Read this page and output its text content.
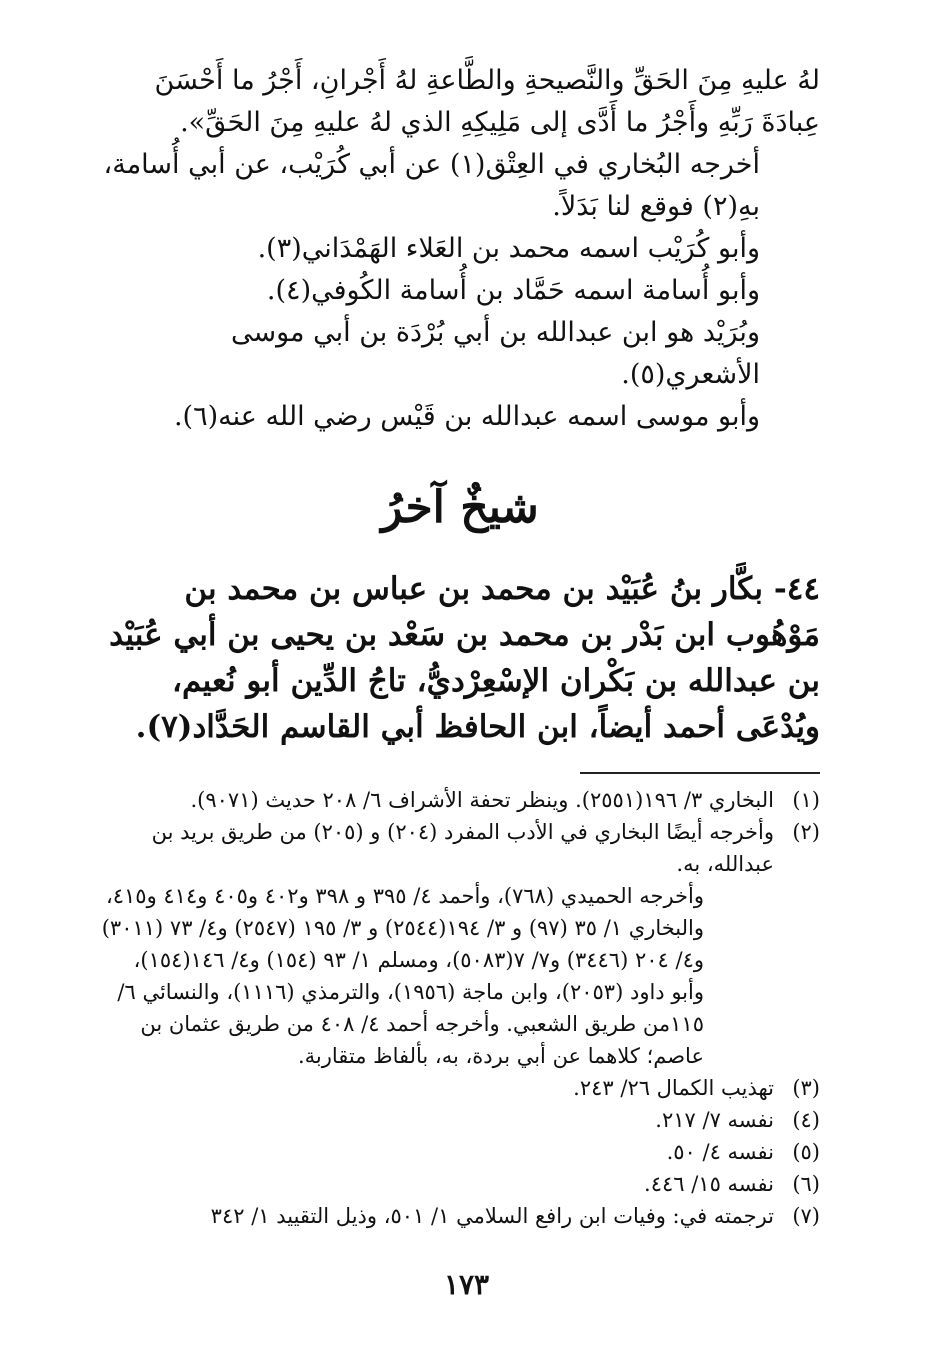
لهُ عليهِ مِنَ الحَقِّ والنَّصيحةِ والطَّاعةِ لهُ أَجْرانِ، أَجْرُ ما أَحْسَنَ عِبادَةَ رَبِّهِ وأَجْرُ ما أَدَّى إلى مَلِيكِهِ الذي لهُ عليهِ مِنَ الحَقِّ».

أخرجه البُخاري في العِتْق(١) عن أبي كُرَيْب، عن أبي أُسامة، بهِ(٢) فوقع لنا بَدَلاً.

وأبو كُرَيْب اسمه محمد بن العَلاء الهَمْدَاني(٣).

وأبو أُسامة اسمه حَمَّاد بن أُسامة الكُوفي(٤).

وبُرَيْد هو ابن عبدالله بن أبي بُرْدَة بن أبي موسى الأشعري(٥).

وأبو موسى اسمه عبدالله بن قَيْس رضي الله عنه(٦).

شيخٌ آخرُ

٤٤- بكَّار بنُ عُبَيْد بن محمد بن عباس بن محمد بن مَوْهُوب ابن بَدْر بن محمد بن سَعْد بن يحيى بن أبي عُبَيْد بن عبدالله بن بَكْران الإسْعِرْديُّ، تاجُ الدِّين أبو نُعيم، ويُدْعَى أحمد أيضاً، ابن الحافظ أبي القاسم الحَدَّاد(٧).

(١)
البخاري ٣/ ١٩٦(٢٥٥١). وينظر تحفة الأشراف ٦/ ٢٠٨ حديث (٩٠٧١).
(٢)
وأخرجه أيضًا البخاري في الأدب المفرد (٢٠٤) و (٢٠٥) من طريق بريد بن عبدالله، به.
وأخرجه الحميدي (٧٦٨)، وأحمد ٤/ ٣٩٥ و ٣٩٨ و٤٠٢ و٤٠٥ و٤١٤ و٤١٥، والبخاري ١/ ٣٥ (٩٧) و ٣/ ١٩٤(٢٥٤٤) و ٣/ ١٩٥ (٢٥٤٧) و٤/ ٧٣ (٣٠١١) و٤/ ٢٠٤ (٣٤٤٦) و٧/ ٧(٥٠٨٣)، ومسلم ١/ ٩٣ (١٥٤) و٤/ ١٤٦(١٥٤)، وأبو داود (٢٠٥٣)، وابن ماجة (١٩٥٦)، والترمذي (١١١٦)، والنسائي ٦/ ١١٥من طريق الشعبي. وأخرجه أحمد ٤/ ٤٠٨ من طريق عثمان بن عاصم؛ كلاهما عن أبي بردة، به، بألفاظ متقاربة.
(٣)
تهذيب الكمال ٢٦/ ٢٤٣.
(٤)
نفسه ٧/ ٢١٧.
(٥)
نفسه ٤/ ٥٠.
(٦)
نفسه ١٥/ ٤٤٦.
(٧)
ترجمته في: وفيات ابن رافع السلامي ١/ ٥٠١، وذيل التقييد ١/ ٣٤٢
١٧٣
